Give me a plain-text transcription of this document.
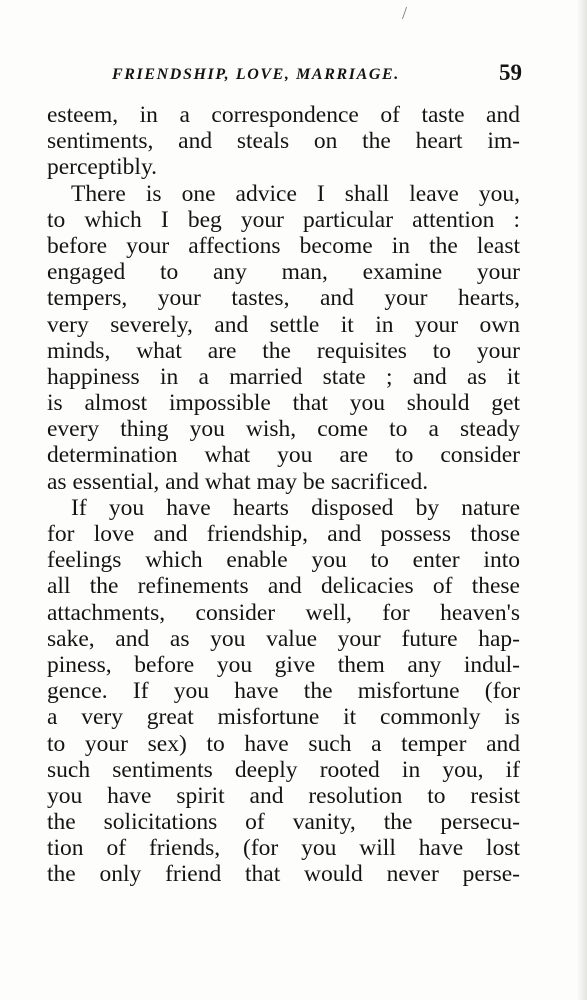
/
FRIENDSHIP, LOVE, MARRIAGE.	59
esteem, in a correspondence of taste and
sentiments, and steals on the heart im-
perceptibly.
There is one advice I shall leave you,
to which I beg your particular attention :
before your affections become in the least
engaged to any man, examine your
tempers, your tastes, and your hearts,
very severely, and settle it in your own
minds, what are the requisites to your
happiness in a married state ; and as it
is almost impossible that you should get
every thing you wish, come to a steady
determination what you are to consider
as essential, and what may be sacrificed.
If you have hearts disposed by nature
for love and friendship, and possess those
feelings which enable you to enter into
all the refinements and delicacies of these
attachments, consider well, for heaven's
sake, and as you value your future hap-
piness, before you give them any indul-
gence. If you have the misfortune (for
a very great misfortune it commonly is
to your sex) to have such a temper and
such sentiments deeply rooted in you, if
you have spirit and resolution to resist
the solicitations of vanity, the persecu-
tion of friends, (for you will have lost
the only friend that would never perse-
